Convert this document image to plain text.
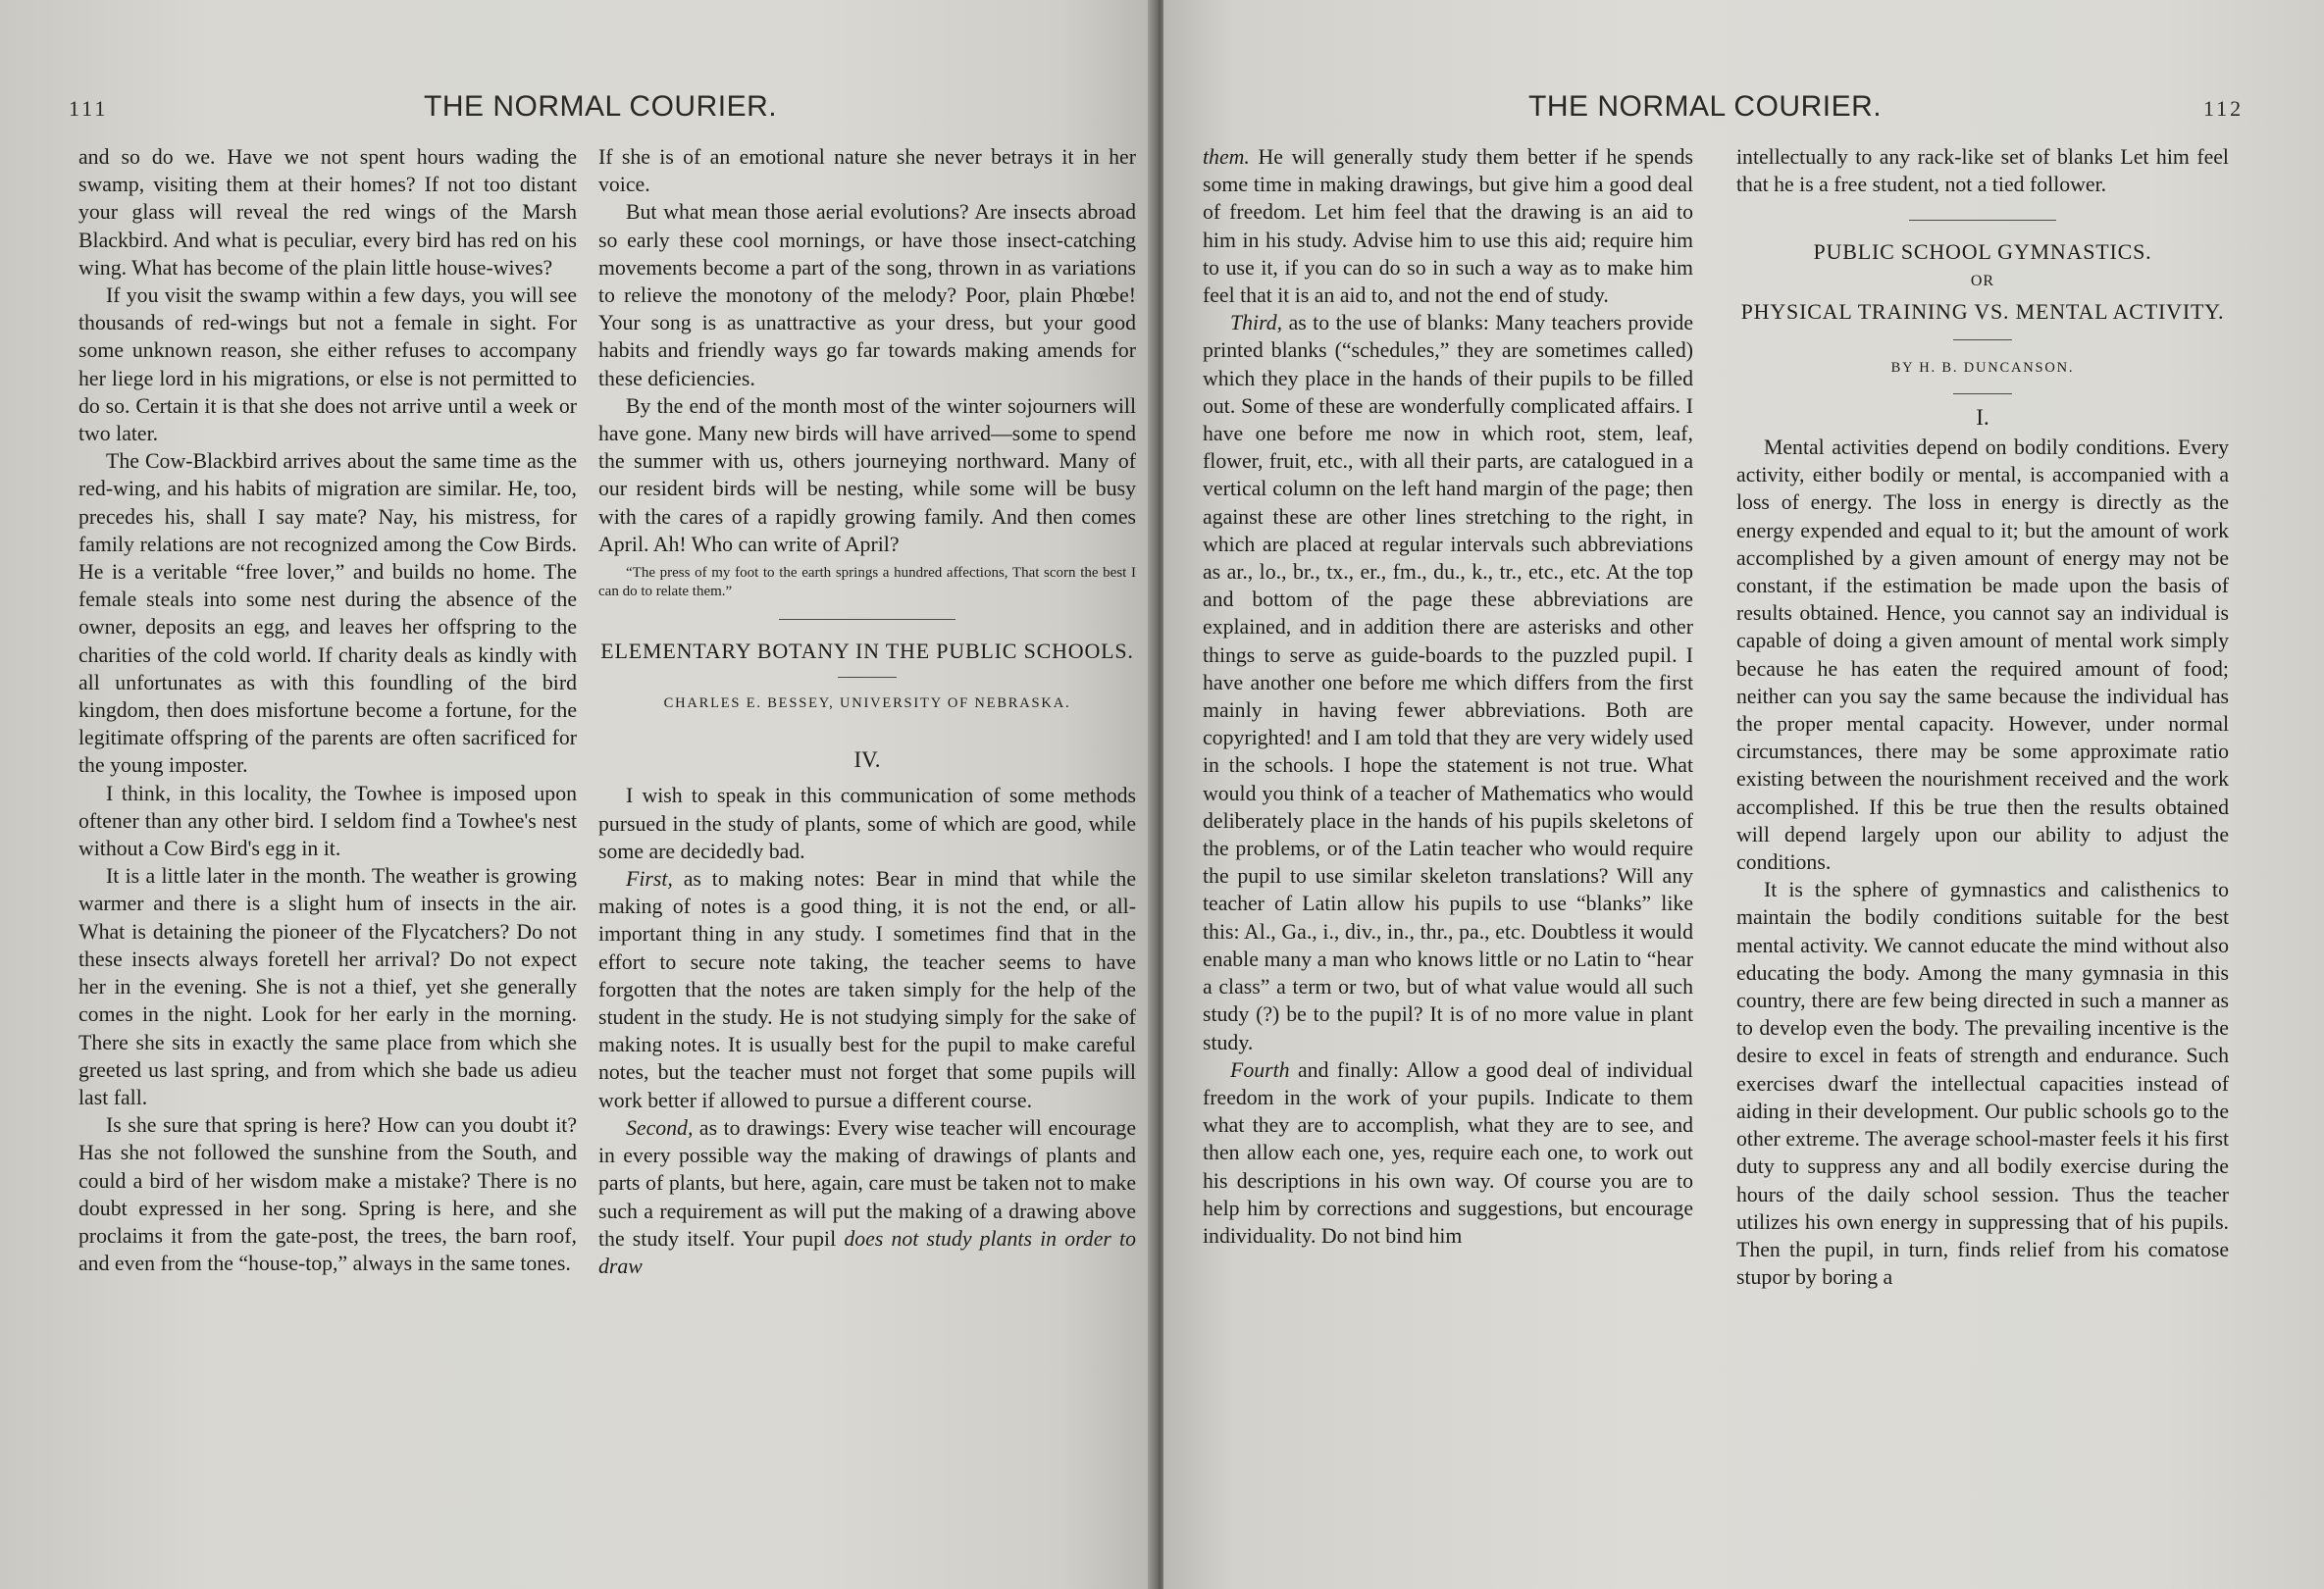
111	THE NORMAL COURIER.

and so do we. Have we not spent hours wading the swamp, visiting them at their homes? If not too distant your glass will reveal the red wings of the Marsh Blackbird. And what is peculiar, every bird has red on his wing. What has become of the plain little house-wives?

If you visit the swamp within a few days, you will see thousands of red-wings but not a female in sight. For some unknown reason, she either refuses to accompany her liege lord in his migrations, or else is not permitted to do so. Certain it is that she does not arrive until a week or two later.

The Cow-Blackbird arrives about the same time as the red-wing, and his habits of migration are similar. He, too, precedes his, shall I say mate? Nay, his mistress, for family relations are not recognized among the Cow Birds. He is a veritable “free lover,” and builds no home. The female steals into some nest during the absence of the owner, deposits an egg, and leaves her offspring to the charities of the cold world. If charity deals as kindly with all unfortunates as with this foundling of the bird kingdom, then does misfortune become a fortune, for the legitimate offspring of the parents are often sacrificed for the young imposter.

I think, in this locality, the Towhee is imposed upon oftener than any other bird. I seldom find a Towhee's nest without a Cow Bird's egg in it.

It is a little later in the month. The weather is growing warmer and there is a slight hum of insects in the air. What is detaining the pioneer of the Flycatchers? Do not these insects always foretell her arrival? Do not expect her in the evening. She is not a thief, yet she generally comes in the night. Look for her early in the morning. There she sits in exactly the same place from which she greeted us last spring, and from which she bade us adieu last fall.

Is she sure that spring is here? How can you doubt it? Has she not followed the sunshine from the South, and could a bird of her wisdom make a mistake? There is no doubt expressed in her song. Spring is here, and she proclaims it from the gate-post, the trees, the barn roof, and even from the “house-top,” always in the same tones.

If she is of an emotional nature she never betrays it in her voice.

But what mean those aerial evolutions? Are insects abroad so early these cool mornings, or have those insect-catching movements become a part of the song, thrown in as variations to relieve the monotony of the melody? Poor, plain Phœbe! Your song is as unattractive as your dress, but your good habits and friendly ways go far towards making amends for these deficiencies.

By the end of the month most of the winter sojourners will have gone. Many new birds will have arrived—some to spend the summer with us, others journeying northward. Many of our resident birds will be nesting, while some will be busy with the cares of a rapidly growing family. And then comes April. Ah! Who can write of April?

“The press of my foot to the earth springs a hundred affections, That scorn the best I can do to relate them.”

ELEMENTARY BOTANY IN THE PUBLIC SCHOOLS.

CHARLES E. BESSEY, UNIVERSITY OF NEBRASKA.

IV.

I wish to speak in this communication of some methods pursued in the study of plants, some of which are good, while some are decidedly bad.

First, as to making notes: Bear in mind that while the making of notes is a good thing, it is not the end, or all-important thing in any study. I sometimes find that in the effort to secure note taking, the teacher seems to have forgotten that the notes are taken simply for the help of the student in the study. He is not studying simply for the sake of making notes. It is usually best for the pupil to make careful notes, but the teacher must not forget that some pupils will work better if allowed to pursue a different course.

Second, as to drawings: Every wise teacher will encourage in every possible way the making of drawings of plants and parts of plants, but here, again, care must be taken not to make such a requirement as will put the making of a drawing above the study itself. Your pupil does not study plants in order to draw

THE NORMAL COURIER.	112

them. He will generally study them better if he spends some time in making drawings, but give him a good deal of freedom. Let him feel that the drawing is an aid to him in his study. Advise him to use this aid; require him to use it, if you can do so in such a way as to make him feel that it is an aid to, and not the end of study.

Third, as to the use of blanks: Many teachers provide printed blanks (“schedules,” they are sometimes called) which they place in the hands of their pupils to be filled out. Some of these are wonderfully complicated affairs. I have one before me now in which root, stem, leaf, flower, fruit, etc., with all their parts, are catalogued in a vertical column on the left hand margin of the page; then against these are other lines stretching to the right, in which are placed at regular intervals such abbreviations as ar., lo., br., tx., er., fm., du., k., tr., etc., etc. At the top and bottom of the page these abbreviations are explained, and in addition there are asterisks and other things to serve as guide-boards to the puzzled pupil. I have another one before me which differs from the first mainly in having fewer abbreviations. Both are copyrighted! and I am told that they are very widely used in the schools. I hope the statement is not true. What would you think of a teacher of Mathematics who would deliberately place in the hands of his pupils skeletons of the problems, or of the Latin teacher who would require the pupil to use similar skeleton translations? Will any teacher of Latin allow his pupils to use “blanks” like this: Al., Ga., i., div., in., thr., pa., etc. Doubtless it would enable many a man who knows little or no Latin to “hear a class” a term or two, but of what value would all such study (?) be to the pupil? It is of no more value in plant study.

Fourth and finally: Allow a good deal of individual freedom in the work of your pupils. Indicate to them what they are to accomplish, what they are to see, and then allow each one, yes, require each one, to work out his descriptions in his own way. Of course you are to help him by corrections and suggestions, but encourage individuality. Do not bind him

intellectually to any rack-like set of blanks Let him feel that he is a free student, not a tied follower.

PUBLIC SCHOOL GYMNASTICS.

OR

PHYSICAL TRAINING VS. MENTAL ACTIVITY.

BY H. B. DUNCANSON.

I.

Mental activities depend on bodily conditions. Every activity, either bodily or mental, is accompanied with a loss of energy. The loss in energy is directly as the energy expended and equal to it; but the amount of work accomplished by a given amount of energy may not be constant, if the estimation be made upon the basis of results obtained. Hence, you cannot say an individual is capable of doing a given amount of mental work simply because he has eaten the required amount of food; neither can you say the same because the individual has the proper mental capacity. However, under normal circumstances, there may be some approximate ratio existing between the nourishment received and the work accomplished. If this be true then the results obtained will depend largely upon our ability to adjust the conditions.

It is the sphere of gymnastics and calisthenics to maintain the bodily conditions suitable for the best mental activity. We cannot educate the mind without also educating the body. Among the many gymnasia in this country, there are few being directed in such a manner as to develop even the body. The prevailing incentive is the desire to excel in feats of strength and endurance. Such exercises dwarf the intellectual capacities instead of aiding in their development. Our public schools go to the other extreme. The average school-master feels it his first duty to suppress any and all bodily exercise during the hours of the daily school session. Thus the teacher utilizes his own energy in suppressing that of his pupils. Then the pupil, in turn, finds relief from his comatose stupor by boring a
